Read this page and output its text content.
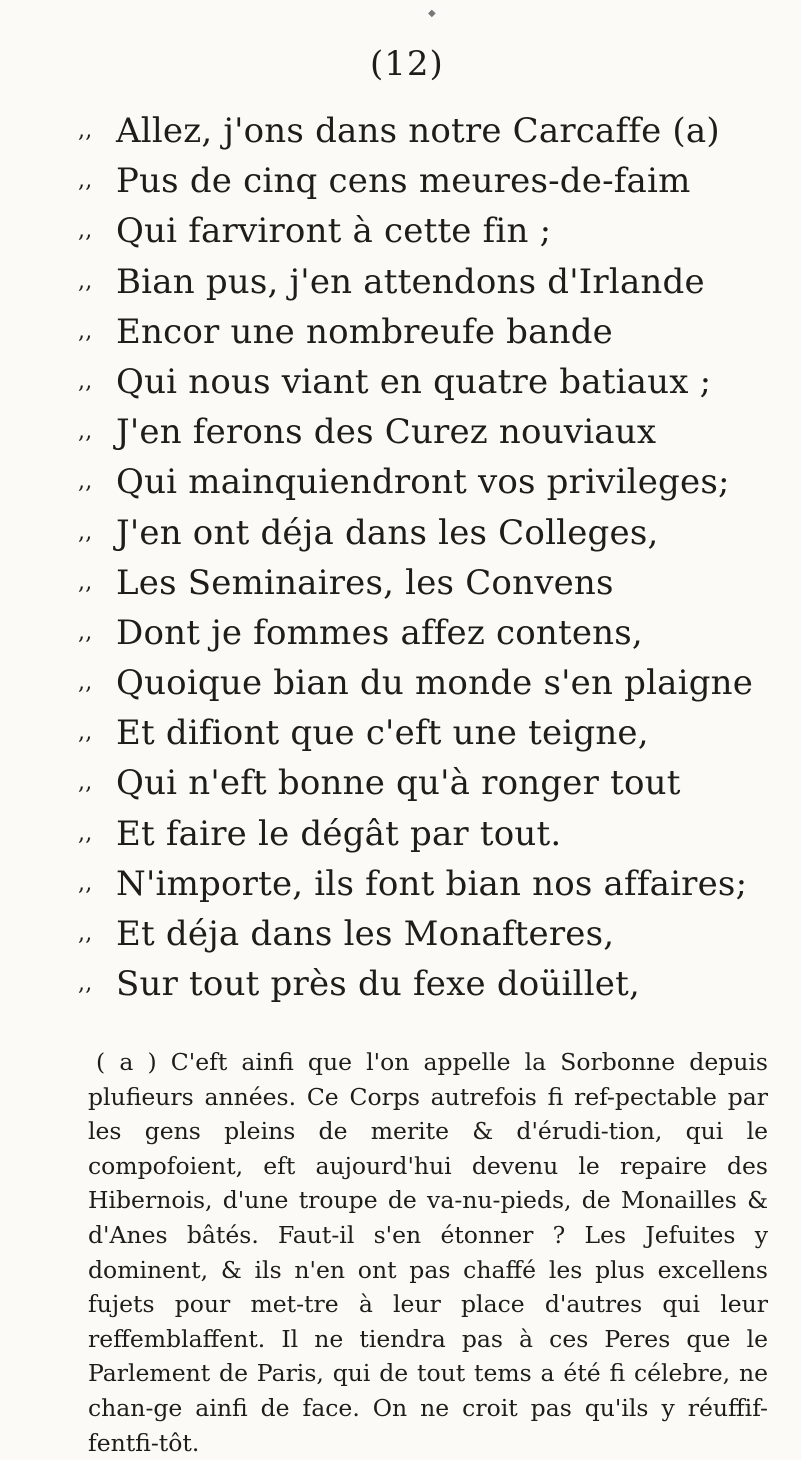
◆
(12)
,, Allez, j'ons dans notre Carcaffe (a)
,, Pus de cinq cens meures-de-faim
,, Qui farviront à cette fin ;
,, Bian pus, j'en attendons d'Irlande
,, Encor une nombreufe bande
,, Qui nous viant en quatre batiaux ;
,, J'en ferons des Curez nouviaux
,, Qui mainquiendront vos privileges;
,, J'en ont déja dans les Colleges,
,, Les Seminaires, les Convens
,, Dont je fommes affez contens,
,, Quoique bian du monde s'en plaigne
,, Et difiont que c'eft une teigne,
,, Qui n'eft bonne qu'à ronger tout
,, Et faire le dégât par tout.
,, N'importe, ils font bian nos affaires;
,, Et déja dans les Monafteres,
,, Sur tout près du fexe doüillet,
( a ) C'eft ainfi que l'on appelle la Sorbonne depuis plufieurs années. Ce Corps autrefois fi ref-pectable par les gens pleins de merite & d'érudi-tion, qui le compofoient, eft aujourd'hui devenu le repaire des Hibernois, d'une troupe de va-nu-pieds, de Monailles & d'Anes bâtés. Faut-il s'en étonner ? Les Jefuites y dominent, & ils n'en ont pas chaffé les plus excellens fujets pour met-tre à leur place d'autres qui leur reffemblaffent. Il ne tiendra pas à ces Peres que le Parlement de Paris, qui de tout tems a été fi célebre, ne chan-ge ainfi de face. On ne croit pas qu'ils y réuffif-fentfi-tôt.
